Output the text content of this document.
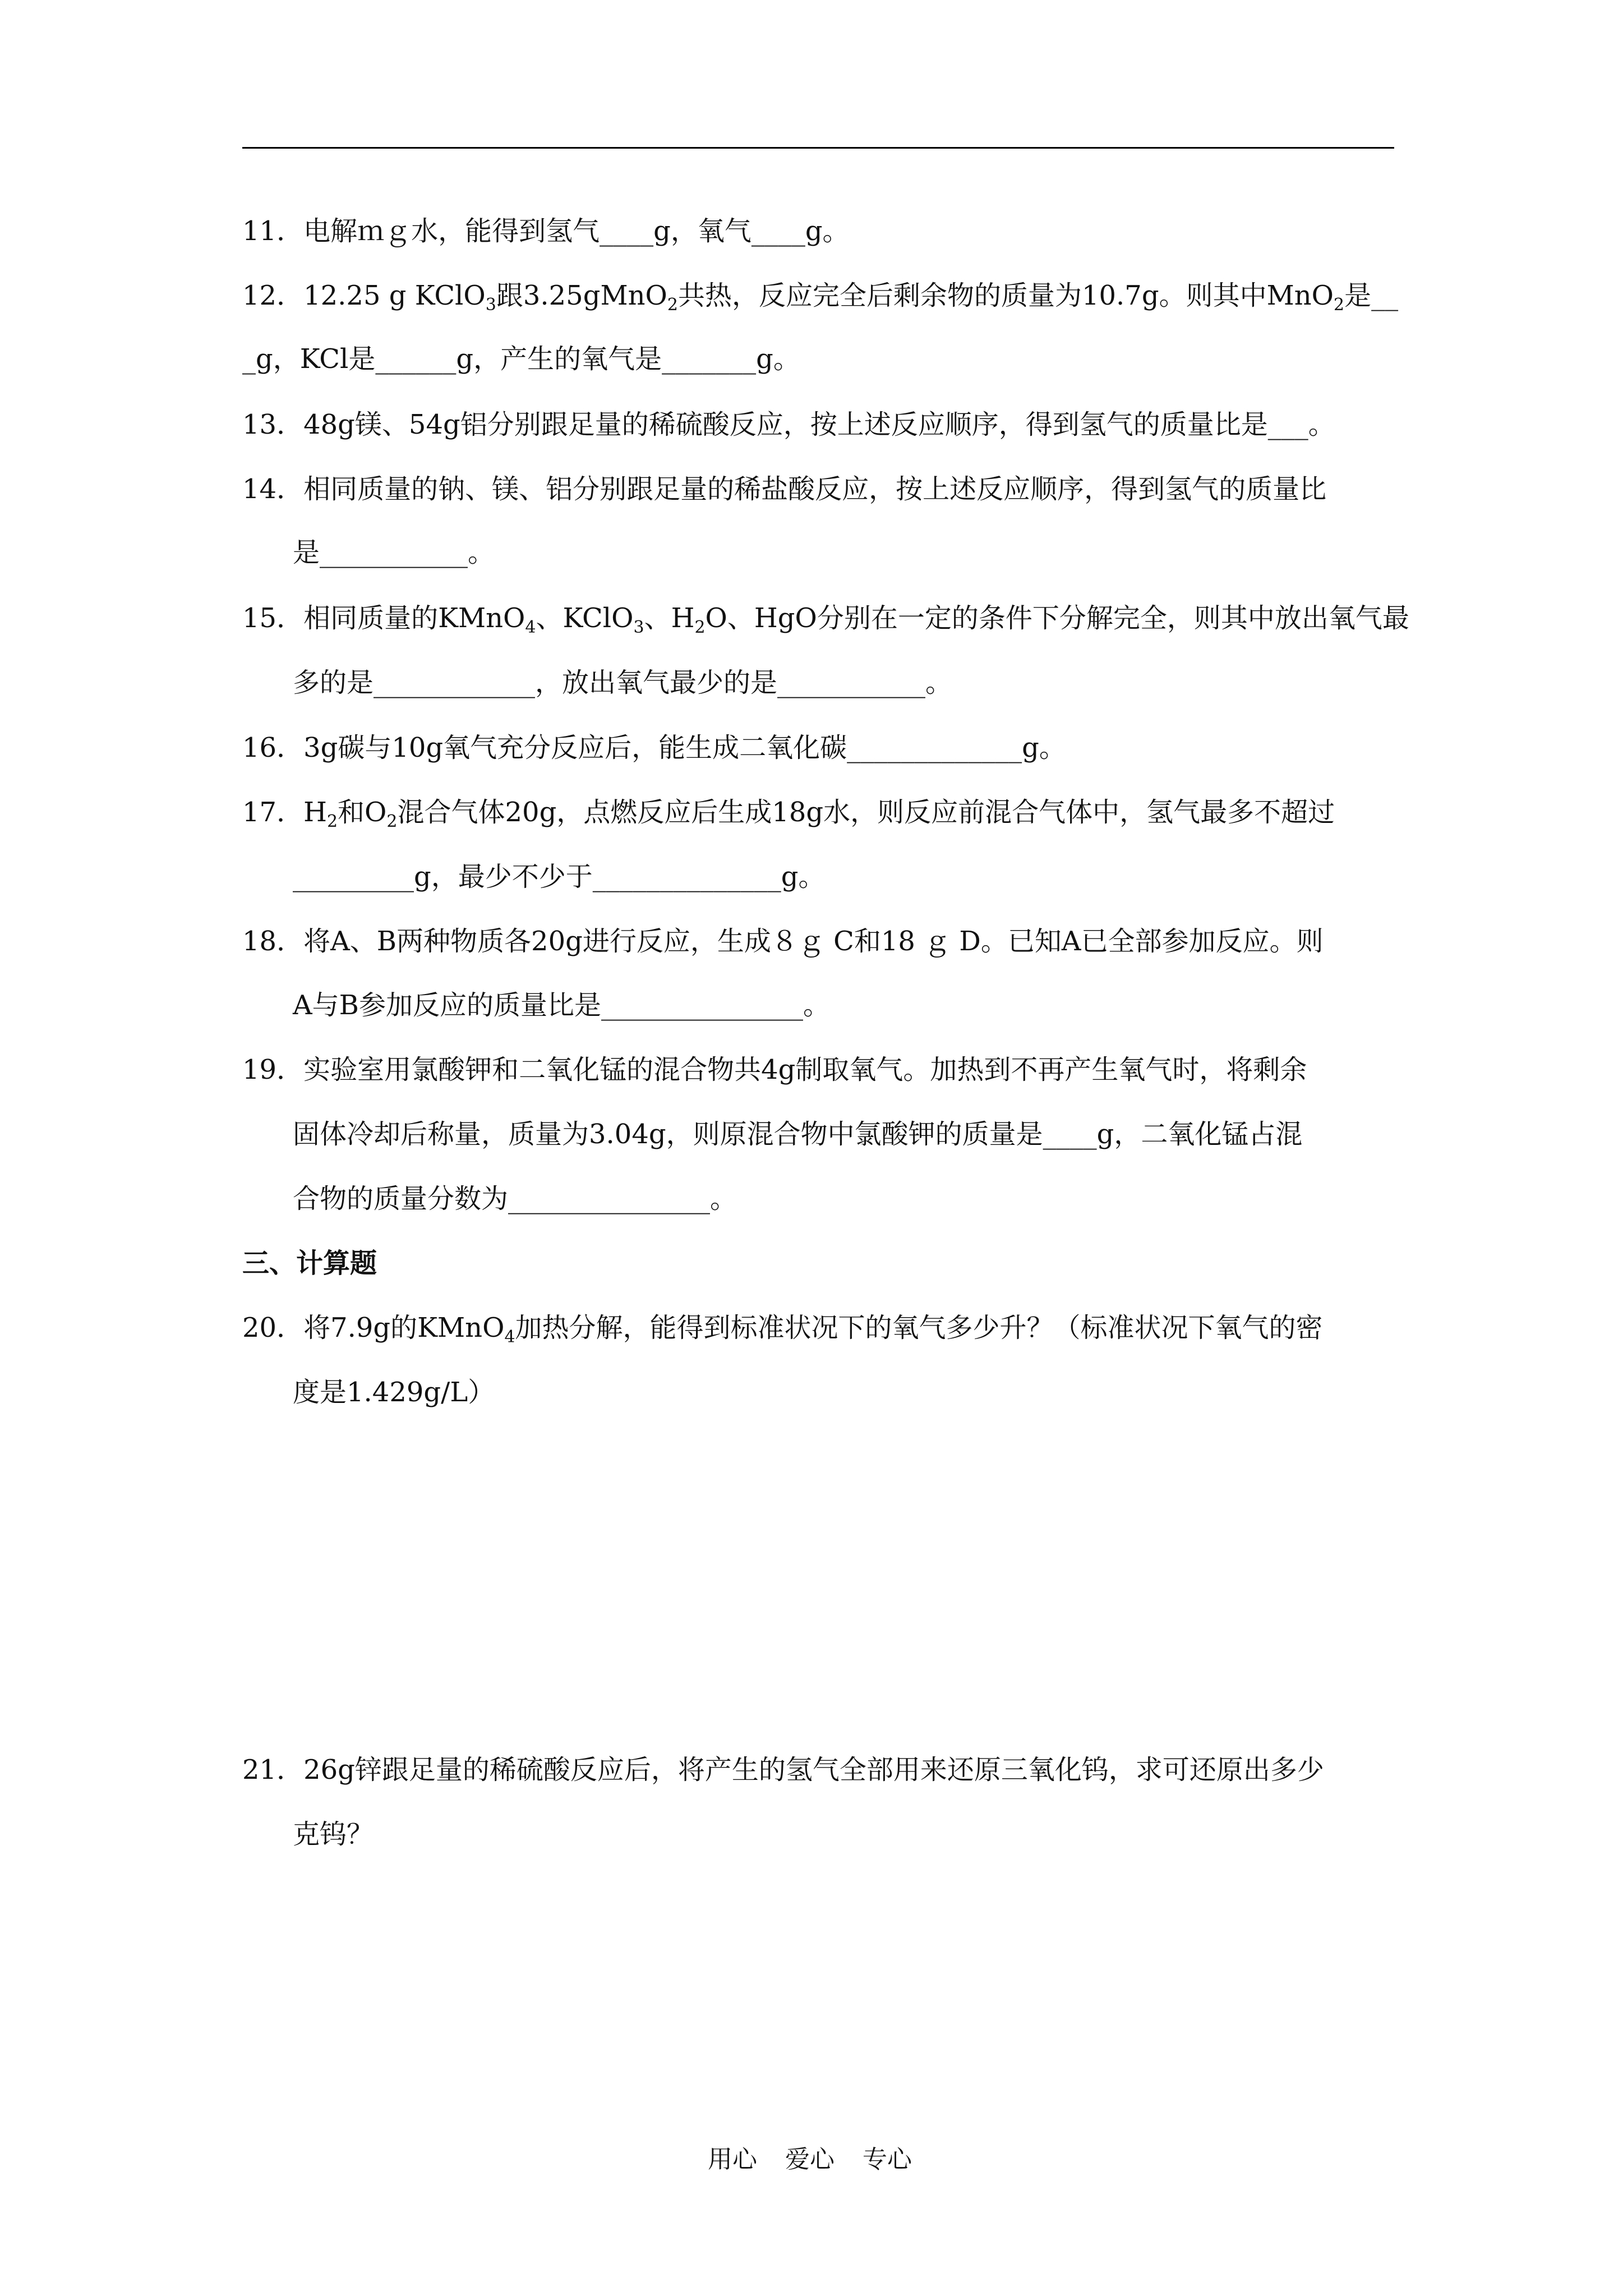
11．电解ｍｇ水，能得到氢气____g，氧气____g。
12．12.25 g KClO$_3$跟3.25gMnO$_2$共热，反应完全后剩余物的质量为10.7g。则其中MnO$_2$是__
_g，KCl是______g，产生的氧气是_______g。
13．48g镁、54g铝分别跟足量的稀硫酸反应，按上述反应顺序，得到氢气的质量比是___。
14．相同质量的钠、镁、铝分别跟足量的稀盐酸反应，按上述反应顺序，得到氢气的质量比
是___________。
15．相同质量的KMnO$_4$、KClO$_3$、$H_2O$、HgO分别在一定的条件下分解完全，则其中放出氧气最
多的是____________，放出氧气最少的是___________。
16．3g碳与10g氧气充分反应后，能生成二氧化碳_____________g。
17．$H_2$和$O_2$混合气体20g，点燃反应后生成18g水，则反应前混合气体中，氢气最多不超过
_________g，最少不少于______________g。
18．将A、B两种物质各20g进行反应，生成８ｇ C和18 ｇ D。已知A已全部参加反应。则
A与B参加反应的质量比是_______________。
19．实验室用氯酸钾和二氧化锰的混合物共4g制取氧气。加热到不再产生氧气时，将剩余
固体冷却后称量，质量为3.04g，则原混合物中氯酸钾的质量是____g，二氧化锰占混
合物的质量分数为_______________。
三、计算题
20．将7.9g的KMnO$_4$加热分解，能得到标准状况下的氧气多少升？（标准状况下氧气的密
度是1.429g/L）
21．26g锌跟足量的稀硫酸反应后，将产生的氢气全部用来还原三氧化钨，求可还原出多少
克钨？
用心 爱心 专心
